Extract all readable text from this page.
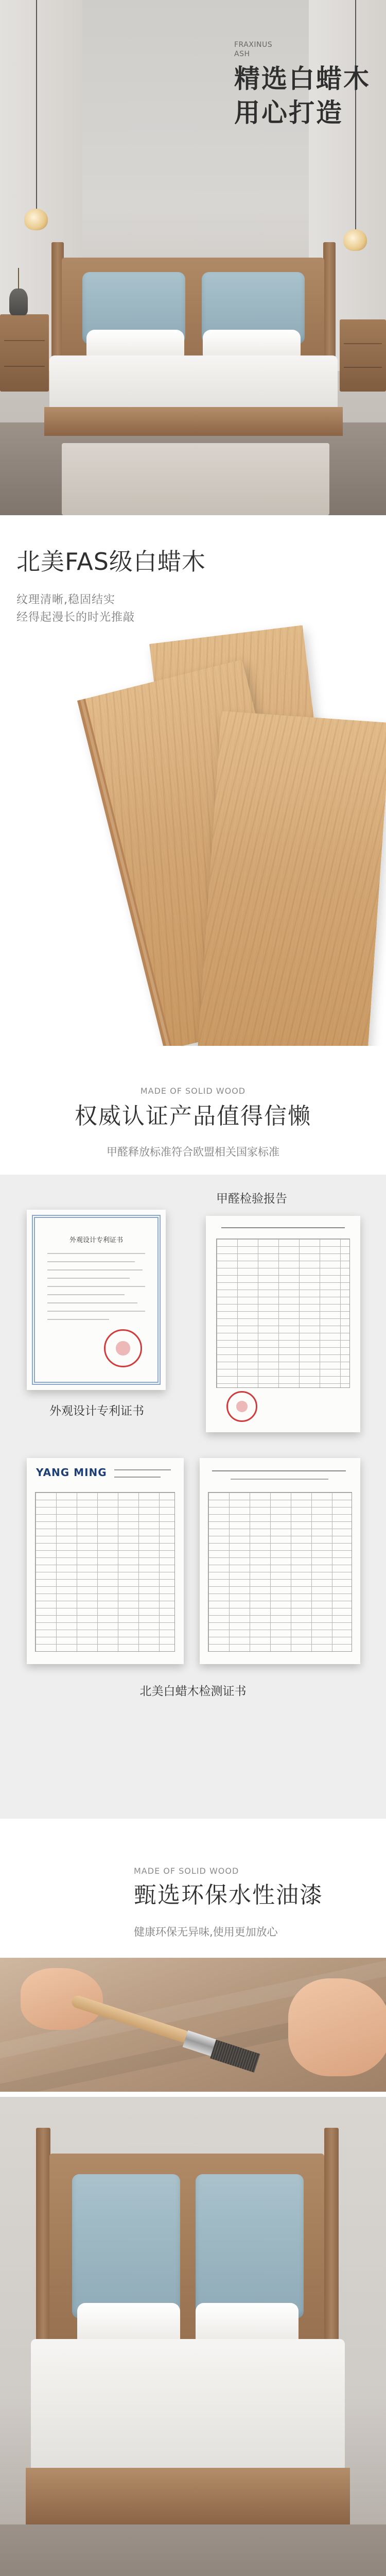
FRAXINUS
ASH
精选白蜡木
用心打造
北美FAS级白蜡木
纹理清晰,稳固结实
经得起漫长的时光推敲
MADE OF SOLID WOOD
权威认证产品值得信懒
甲醛释放标准符合欧盟相关国家标准
甲醛检验报告
外观设计专利证书
外观设计专利证书
YANG MING
北美白蜡木检测证书
MADE OF SOLID WOOD
甄选环保水性油漆
健康环保无异味,使用更加放心
